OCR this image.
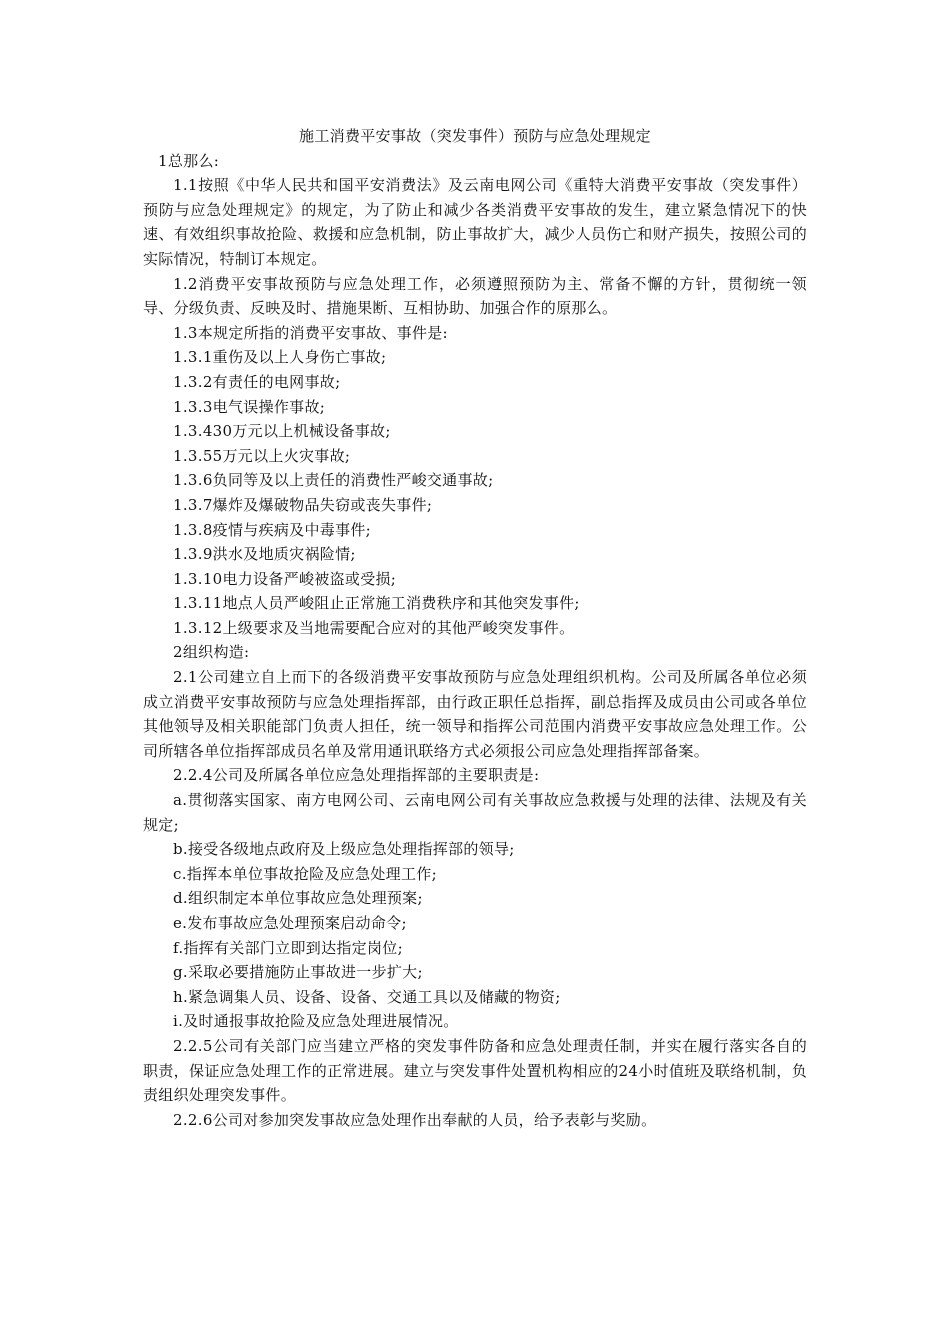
施工消费平安事故（突发事件）预防与应急处理规定

1总那么:

1.1按照《中华人民共和国平安消费法》及云南电网公司《重特大消费平安事故（突发事件）预防与应急处理规定》的规定，为了防止和减少各类消费平安事故的发生，建立紧急情况下的快速、有效组织事故抢险、救援和应急机制，防止事故扩大，减少人员伤亡和财产损失，按照公司的实际情况，特制订本规定。

1.2消费平安事故预防与应急处理工作，必须遵照预防为主、常备不懈的方针，贯彻统一领导、分级负责、反映及时、措施果断、互相协助、加强合作的原那么。

1.3本规定所指的消费平安事故、事件是:

1.3.1重伤及以上人身伤亡事故;

1.3.2有责任的电网事故;

1.3.3电气误操作事故;

1.3.430万元以上机械设备事故;

1.3.55万元以上火灾事故;

1.3.6负同等及以上责任的消费性严峻交通事故;

1.3.7爆炸及爆破物品失窃或丧失事件;

1.3.8疫情与疾病及中毒事件;

1.3.9洪水及地质灾祸险情;

1.3.10电力设备严峻被盗或受损;

1.3.11地点人员严峻阻止正常施工消费秩序和其他突发事件;

1.3.12上级要求及当地需要配合应对的其他严峻突发事件。

2组织构造:

2.1公司建立自上而下的各级消费平安事故预防与应急处理组织机构。公司及所属各单位必须成立消费平安事故预防与应急处理指挥部，由行政正职任总指挥，副总指挥及成员由公司或各单位其他领导及相关职能部门负责人担任，统一领导和指挥公司范围内消费平安事故应急处理工作。公司所辖各单位指挥部成员名单及常用通讯联络方式必须报公司应急处理指挥部备案。

2.2.4公司及所属各单位应急处理指挥部的主要职责是:

a.贯彻落实国家、南方电网公司、云南电网公司有关事故应急救援与处理的法律、法规及有关规定;

b.接受各级地点政府及上级应急处理指挥部的领导;

c.指挥本单位事故抢险及应急处理工作;

d.组织制定本单位事故应急处理预案;

e.发布事故应急处理预案启动命令;

f.指挥有关部门立即到达指定岗位;

g.采取必要措施防止事故进一步扩大;

h.紧急调集人员、设备、设备、交通工具以及储藏的物资;

i.及时通报事故抢险及应急处理进展情况。

2.2.5公司有关部门应当建立严格的突发事件防备和应急处理责任制，并实在履行落实各自的职责，保证应急处理工作的正常进展。建立与突发事件处置机构相应的24小时值班及联络机制，负责组织处理突发事件。

2.2.6公司对参加突发事故应急处理作出奉献的人员，给予表彰与奖励。
